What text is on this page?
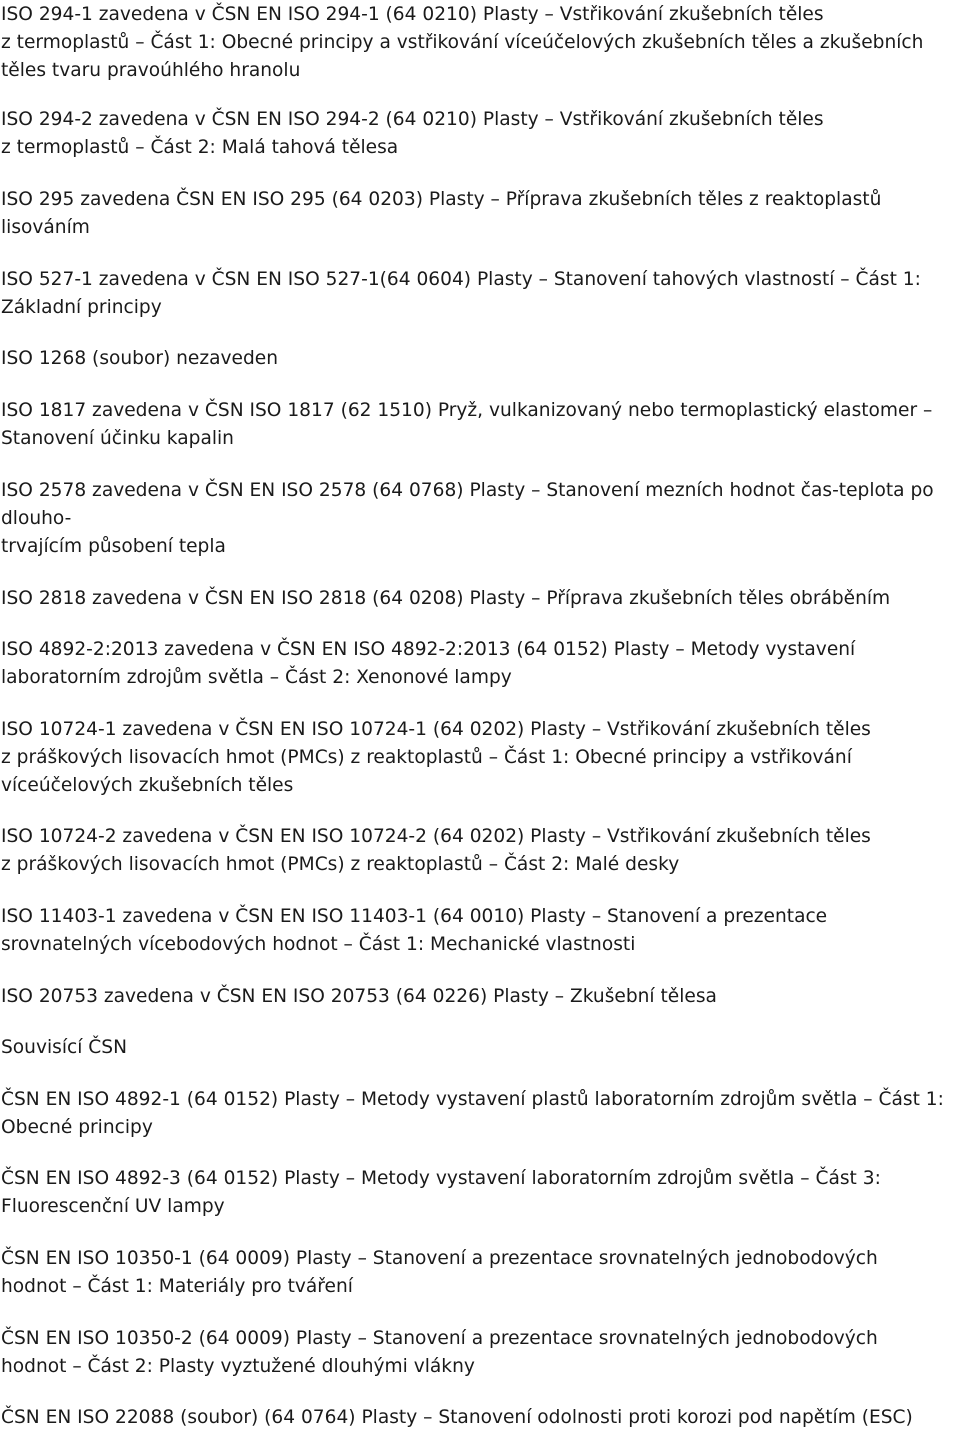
ISO 294-1 zavedena v ČSN EN ISO 294-1 (64 0210) Plasty – Vstřikování zkušebních těles
z termoplastů – Část 1: Obecné principy a vstřikování víceúčelových zkušebních těles a zkušebních
těles tvaru pravoúhlého hranolu

ISO 294-2 zavedena v ČSN EN ISO 294-2 (64 0210) Plasty – Vstřikování zkušebních těles
z termoplastů – Část 2: Malá tahová tělesa

ISO 295 zavedena ČSN EN ISO 295 (64 0203) Plasty – Příprava zkušebních těles z reaktoplastů
lisováním

ISO 527-1 zavedena v ČSN EN ISO 527-1(64 0604) Plasty – Stanovení tahových vlastností – Část 1:
Základní principy

ISO 1268 (soubor) nezaveden

ISO 1817 zavedena v ČSN ISO 1817 (62 1510) Pryž, vulkanizovaný nebo termoplastický elastomer –
Stanovení účinku kapalin

ISO 2578 zavedena v ČSN EN ISO 2578 (64 0768) Plasty – Stanovení mezních hodnot čas-teplota po
dlouho-
trvajícím působení tepla

ISO 2818 zavedena v ČSN EN ISO 2818 (64 0208) Plasty – Příprava zkušebních těles obráběním

ISO 4892-2:2013 zavedena v ČSN EN ISO 4892-2:2013 (64 0152) Plasty – Metody vystavení
laboratorním zdrojům světla – Část 2: Xenonové lampy

ISO 10724-1 zavedena v ČSN EN ISO 10724-1 (64 0202) Plasty – Vstřikování zkušebních těles
z práškových lisovacích hmot (PMCs) z reaktoplastů – Část 1: Obecné principy a vstřikování
víceúčelových zkušebních těles

ISO 10724-2 zavedena v ČSN EN ISO 10724-2 (64 0202) Plasty – Vstřikování zkušebních těles
z práškových lisovacích hmot (PMCs) z reaktoplastů – Část 2: Malé desky

ISO 11403-1 zavedena v ČSN EN ISO 11403-1 (64 0010) Plasty – Stanovení a prezentace
srovnatelných vícebodových hodnot – Část 1: Mechanické vlastnosti

ISO 20753 zavedena v ČSN EN ISO 20753 (64 0226) Plasty – Zkušební tělesa

Souvisící ČSN

ČSN EN ISO 4892-1 (64 0152) Plasty – Metody vystavení plastů laboratorním zdrojům světla – Část 1:
Obecné principy

ČSN EN ISO 4892-3 (64 0152) Plasty – Metody vystavení laboratorním zdrojům světla – Část 3:
Fluorescenční UV lampy

ČSN EN ISO 10350-1 (64 0009) Plasty – Stanovení a prezentace srovnatelných jednobodových
hodnot – Část 1: Materiály pro tváření

ČSN EN ISO 10350-2 (64 0009) Plasty – Stanovení a prezentace srovnatelných jednobodových
hodnot – Část 2: Plasty vyztužené dlouhými vlákny

ČSN EN ISO 22088 (soubor) (64 0764) Plasty – Stanovení odolnosti proti korozi pod napětím (ESC)
